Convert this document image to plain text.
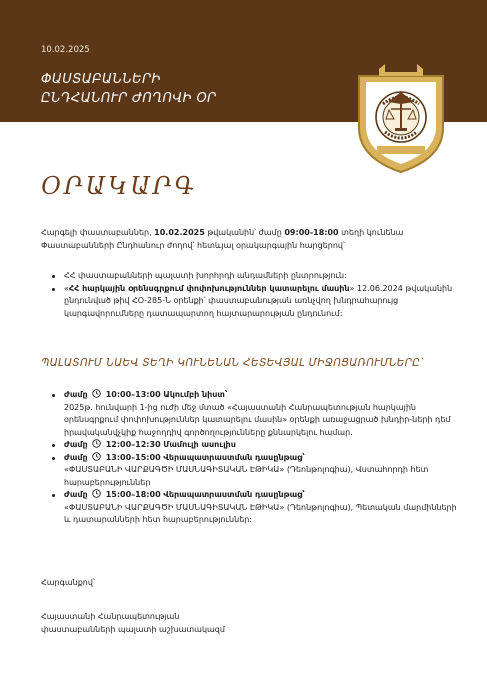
10.02.2025
ՓԱՍՏԱԲԱՆՆԵՐԻ
ԸՆԴՀԱՆՈՒՐ ԺՈՂՈՎԻ ՕՐ
ՕՐԱԿԱՐԳ
Հարգելի փաստաբաններ, 10.02.2025 թվականին՝ ժամը 09:00-18:00 տեղի կունենա Փաստաբանների Ընդհանուր ժողով՝ հետևյալ օրակարգային հարցերով՝
ՀՀ փաստաբանների պալատի խորհրդի անդամների ընտրություն:
«ՀՀ հարկային օրենսգրքում փոփոխություններ կատարելու մասին» 12.06.2024 թվականին ընդունված թիվ ՀՕ-285-Ն օրենքի՝ փաստաբանության առնչվող խնդրահարույց կարգավորումները դատապարտող հայտարարության ընդունում:
ՊԱԼԱՏՈՒՄ ՆԱԵՎ ՏԵՂԻ ԿՈՒՆԵՆԱՆ ՀԵՏԵՎՅԱԼ ՄԻՋՈՑԱՌՈՒՄՆԵՐԸ՝
Ժամը 10:00–13:00 Ակումբի նիստ՝
2025թ. հունվարի 1-ից ուժի մեջ մտած «Հայաստանի Հանրապետության հարկային օրենսգրքում փոփոխություններ կատարելու մասին» օրենքի առաջացրած խնդիր-ների դեմ իրավականվչկիք հաջողդիվ գործողությունները քննարկելու համար.
Ժամը 12:00–12:30 Մամուլի ասուլիս
Ժամը 13:00–15:00 Վերապատրաստման դասընթաց՝
«ՓԱՍՏԱԲԱՆԻ ՎԱՐՔԱԳԾԻ ՄԱՍՆԱԳԻՏԱԿԱՆ ԷԹԻԿԱ» (Դեոնթոլոգիա), Վստահորդի հետ հարաբերություններ
Ժամը 15:00–18:00 Վերապատրաստման դասընթաց՝
«ՓԱՍՏԱԲԱՆԻ ՎԱՐՔԱԳԾԻ ՄԱՍՆԱԳԻՏԱԿԱՆ ԷԹԻԿԱ» (Դեոնթոլոգիա), Պետական մարմինների և դատարանների հետ հարաբերություններ:
Հարգանքով՝
Հայաստանի Հանրապետության
փաստաբանների պալատի աշխատակազմ
